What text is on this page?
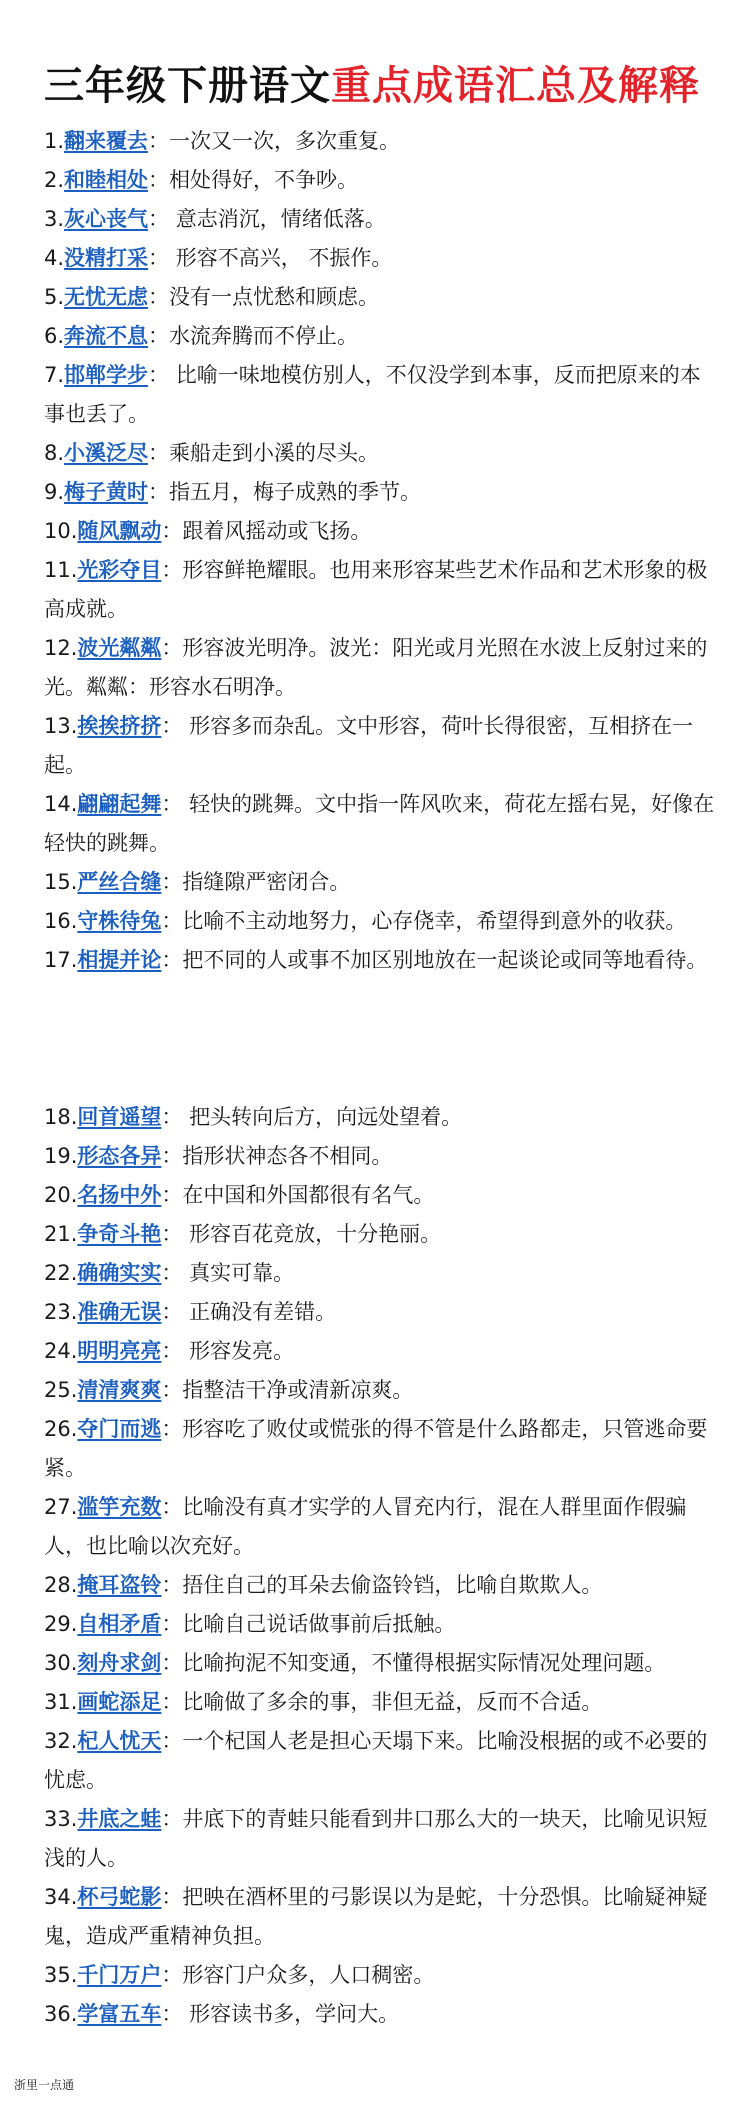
三年级下册语文重点成语汇总及解释

1.翻来覆去：一次又一次，多次重复。

2.和睦相处：相处得好，不争吵。

3.灰心丧气： 意志消沉，情绪低落。

4.没精打采： 形容不高兴， 不振作。

5.无忧无虑：没有一点忧愁和顾虑。

6.奔流不息：水流奔腾而不停止。

7.邯郸学步： 比喻一味地模仿别人，不仅没学到本事，反而把原来的本事也丢了。

8.小溪泛尽：乘船走到小溪的尽头。

9.梅子黄时：指五月，梅子成熟的季节。

10.随风飘动：跟着风摇动或飞扬。

11.光彩夺目：形容鲜艳耀眼。也用来形容某些艺术作品和艺术形象的极高成就。

12.波光粼粼：形容波光明净。波光：阳光或月光照在水波上反射过来的光。粼粼：形容水石明净。

13.挨挨挤挤： 形容多而杂乱。文中形容，荷叶长得很密，互相挤在一起。

14.翩翩起舞： 轻快的跳舞。文中指一阵风吹来，荷花左摇右晃，好像在轻快的跳舞。

15.严丝合缝：指缝隙严密闭合。

16.守株待兔：比喻不主动地努力，心存侥幸，希望得到意外的收获。

17.相提并论：把不同的人或事不加区别地放在一起谈论或同等地看待。

18.回首遥望： 把头转向后方，向远处望着。

19.形态各异：指形状神态各不相同。

20.名扬中外：在中国和外国都很有名气。

21.争奇斗艳： 形容百花竞放，十分艳丽。

22.确确实实： 真实可靠。

23.准确无误： 正确没有差错。

24.明明亮亮： 形容发亮。

25.清清爽爽：指整洁干净或清新凉爽。

26.夺门而逃：形容吃了败仗或慌张的得不管是什么路都走，只管逃命要紧。

27.滥竽充数：比喻没有真才实学的人冒充内行，混在人群里面作假骗人，也比喻以次充好。

28.掩耳盗铃：捂住自己的耳朵去偷盗铃铛，比喻自欺欺人。

29.自相矛盾：比喻自己说话做事前后抵触。

30.刻舟求剑：比喻拘泥不知变通，不懂得根据实际情况处理问题。

31.画蛇添足：比喻做了多余的事，非但无益，反而不合适。

32.杞人忧天：一个杞国人老是担心天塌下来。比喻没根据的或不必要的忧虑。

33.井底之蛙：井底下的青蛙只能看到井口那么大的一块天，比喻见识短浅的人。

34.杯弓蛇影：把映在酒杯里的弓影误以为是蛇，十分恐惧。比喻疑神疑鬼，造成严重精神负担。

35.千门万户：形容门户众多，人口稠密。

36.学富五车： 形容读书多，学问大。

浙里一点通
